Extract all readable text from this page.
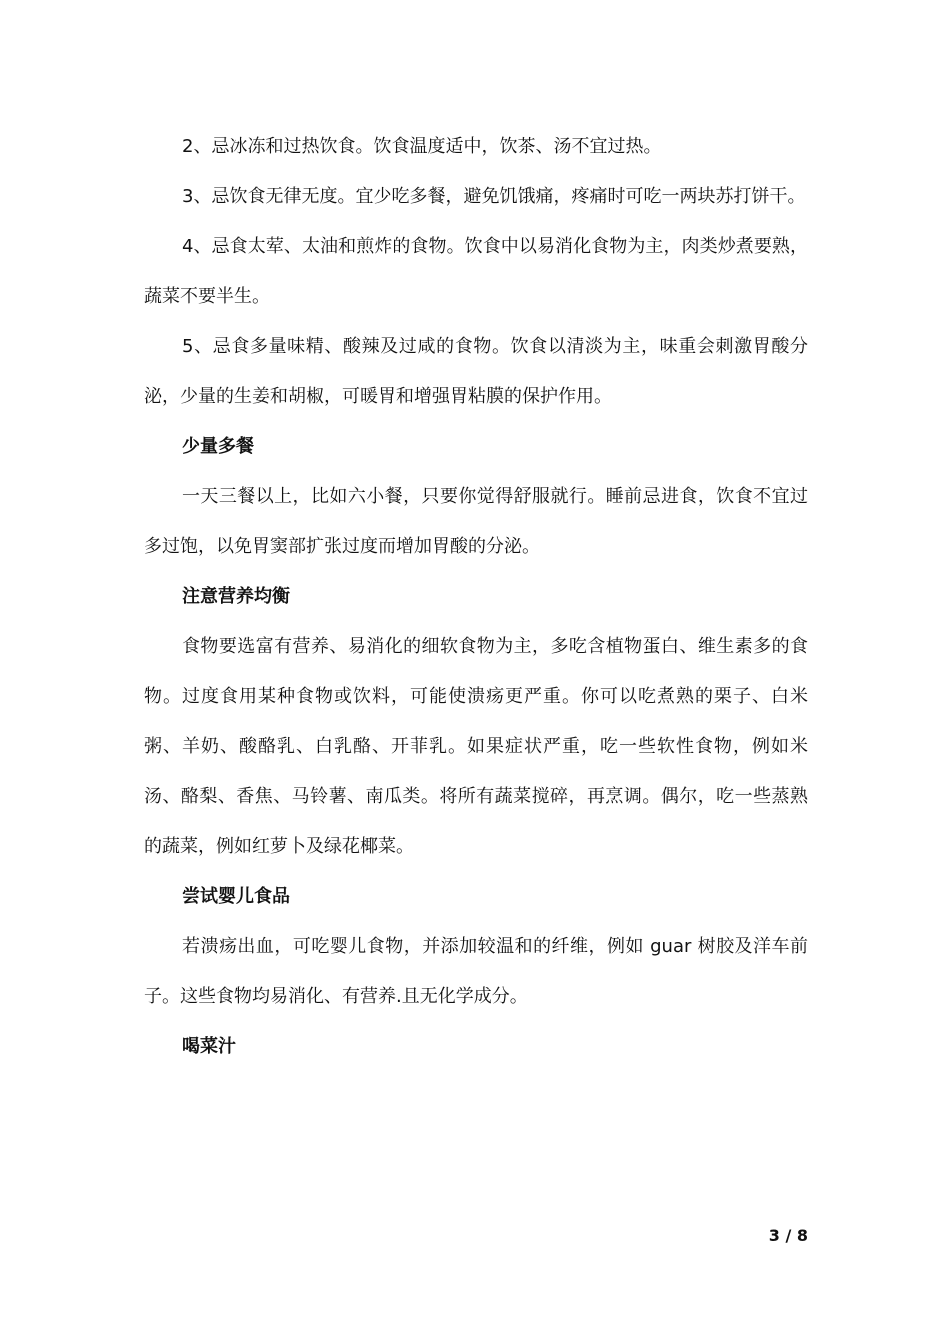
2、忌冰冻和过热饮食。饮食温度适中，饮茶、汤不宜过热。

3、忌饮食无律无度。宜少吃多餐，避免饥饿痛，疼痛时可吃一两块苏打饼干。

4、忌食太荤、太油和煎炸的食物。饮食中以易消化食物为主，肉类炒煮要熟，蔬菜不要半生。

5、忌食多量味精、酸辣及过咸的食物。饮食以清淡为主，味重会刺激胃酸分泌，少量的生姜和胡椒，可暖胃和增强胃粘膜的保护作用。

少量多餐

一天三餐以上，比如六小餐，只要你觉得舒服就行。睡前忌进食，饮食不宜过多过饱，以免胃窦部扩张过度而增加胃酸的分泌。

注意营养均衡

食物要选富有营养、易消化的细软食物为主，多吃含植物蛋白、维生素多的食物。过度食用某种食物或饮料，可能使溃疡更严重。你可以吃煮熟的栗子、白米粥、羊奶、酸酪乳、白乳酪、开菲乳。如果症状严重，吃一些软性食物，例如米汤、酪梨、香焦、马铃薯、南瓜类。将所有蔬菜搅碎，再烹调。偶尔，吃一些蒸熟的蔬菜，例如红萝卜及绿花椰菜。

尝试婴儿食品

若溃疡出血，可吃婴儿食物，并添加较温和的纤维，例如 guar 树胶及洋车前子。这些食物均易消化、有营养.且无化学成分。

喝菜汁

3 / 8
